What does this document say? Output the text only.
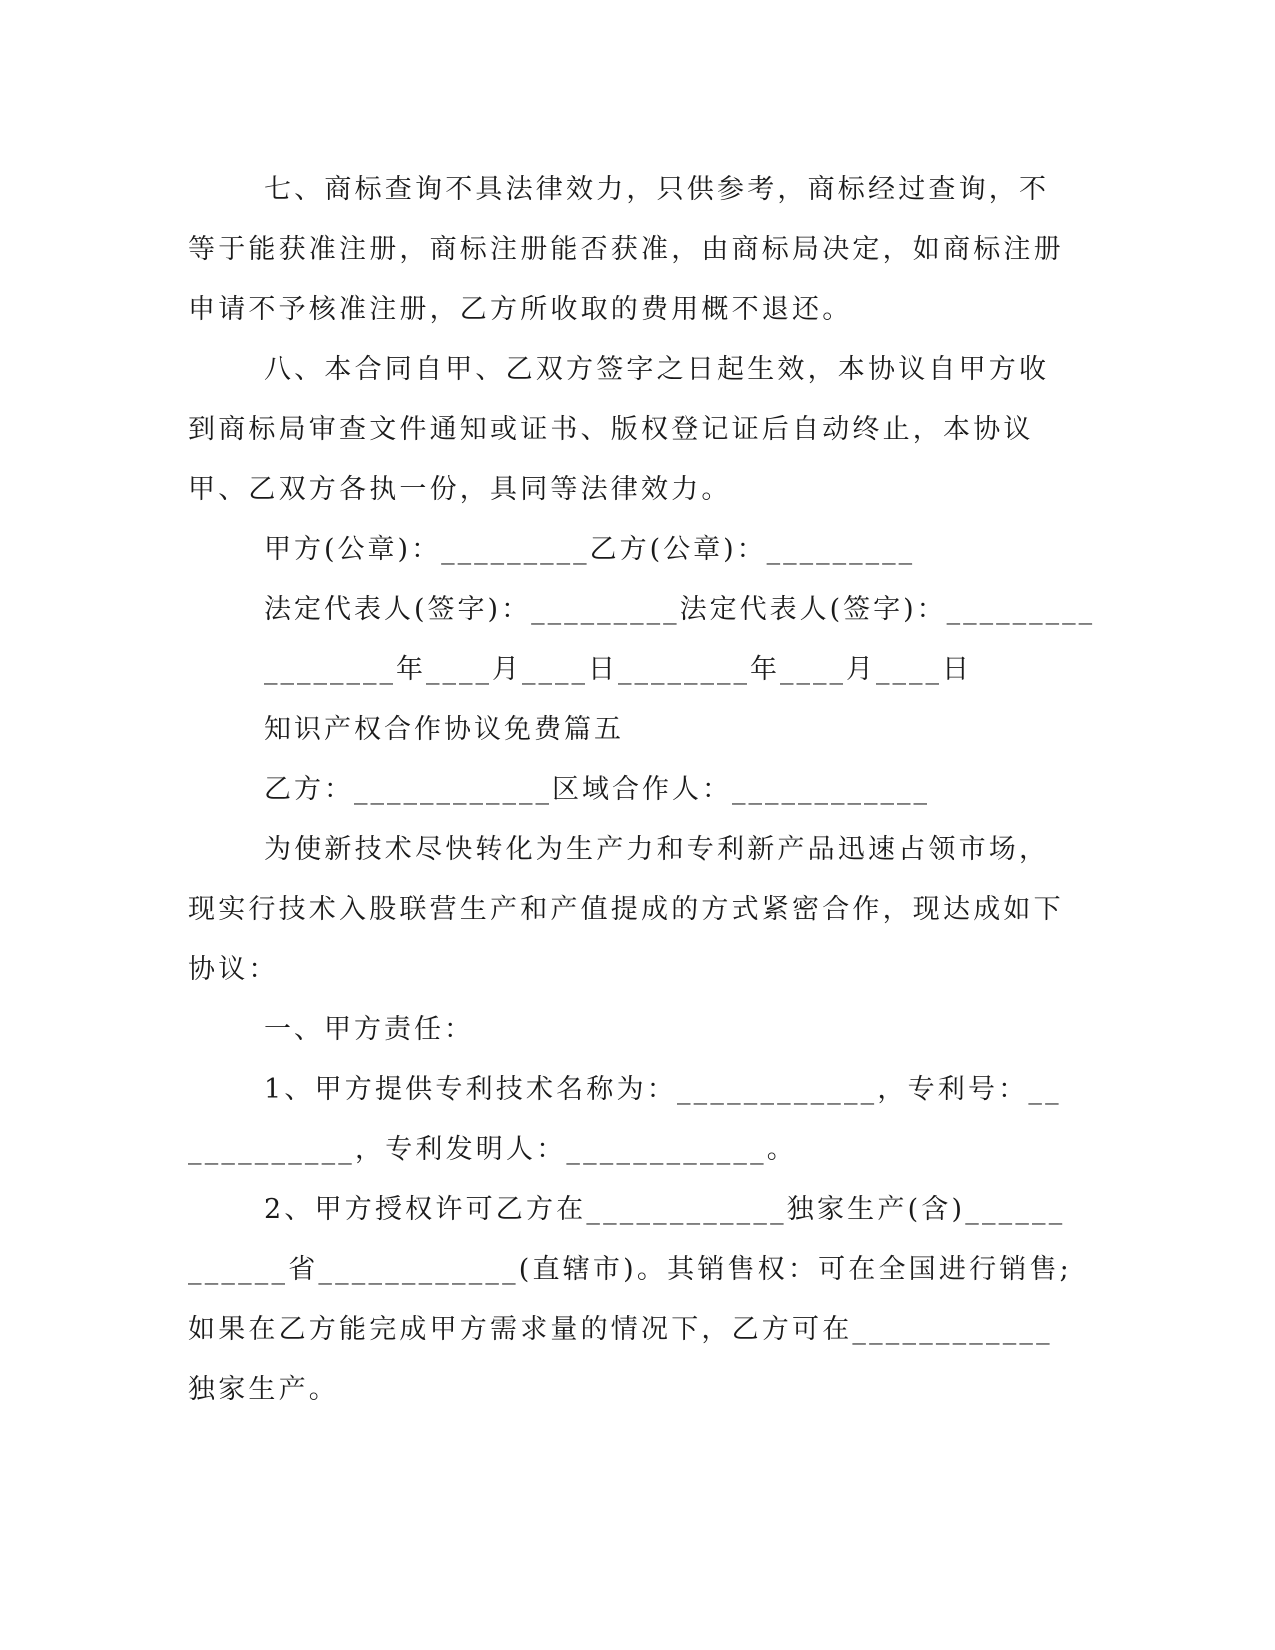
七、商标查询不具法律效力，只供参考，商标经过查询，不等于能获准注册，商标注册能否获准，由商标局决定，如商标注册申请不予核准注册，乙方所收取的费用概不退还。

八、本合同自甲、乙双方签字之日起生效，本协议自甲方收到商标局审查文件通知或证书、版权登记证后自动终止，本协议甲、乙双方各执一份，具同等法律效力。

甲方(公章)：_________乙方(公章)：_________

法定代表人(签字)：_________法定代表人(签字)：_________

________年____月____日________年____月____日

知识产权合作协议免费篇五

乙方：____________区域合作人：____________

为使新技术尽快转化为生产力和专利新产品迅速占领市场，现实行技术入股联营生产和产值提成的方式紧密合作，现达成如下协议：

一、甲方责任：

1、甲方提供专利技术名称为：____________，专利号：____________，专利发明人：____________。

2、甲方授权许可乙方在____________独家生产(含)____________省____________(直辖市)。其销售权：可在全国进行销售;如果在乙方能完成甲方需求量的情况下，乙方可在____________独家生产。
